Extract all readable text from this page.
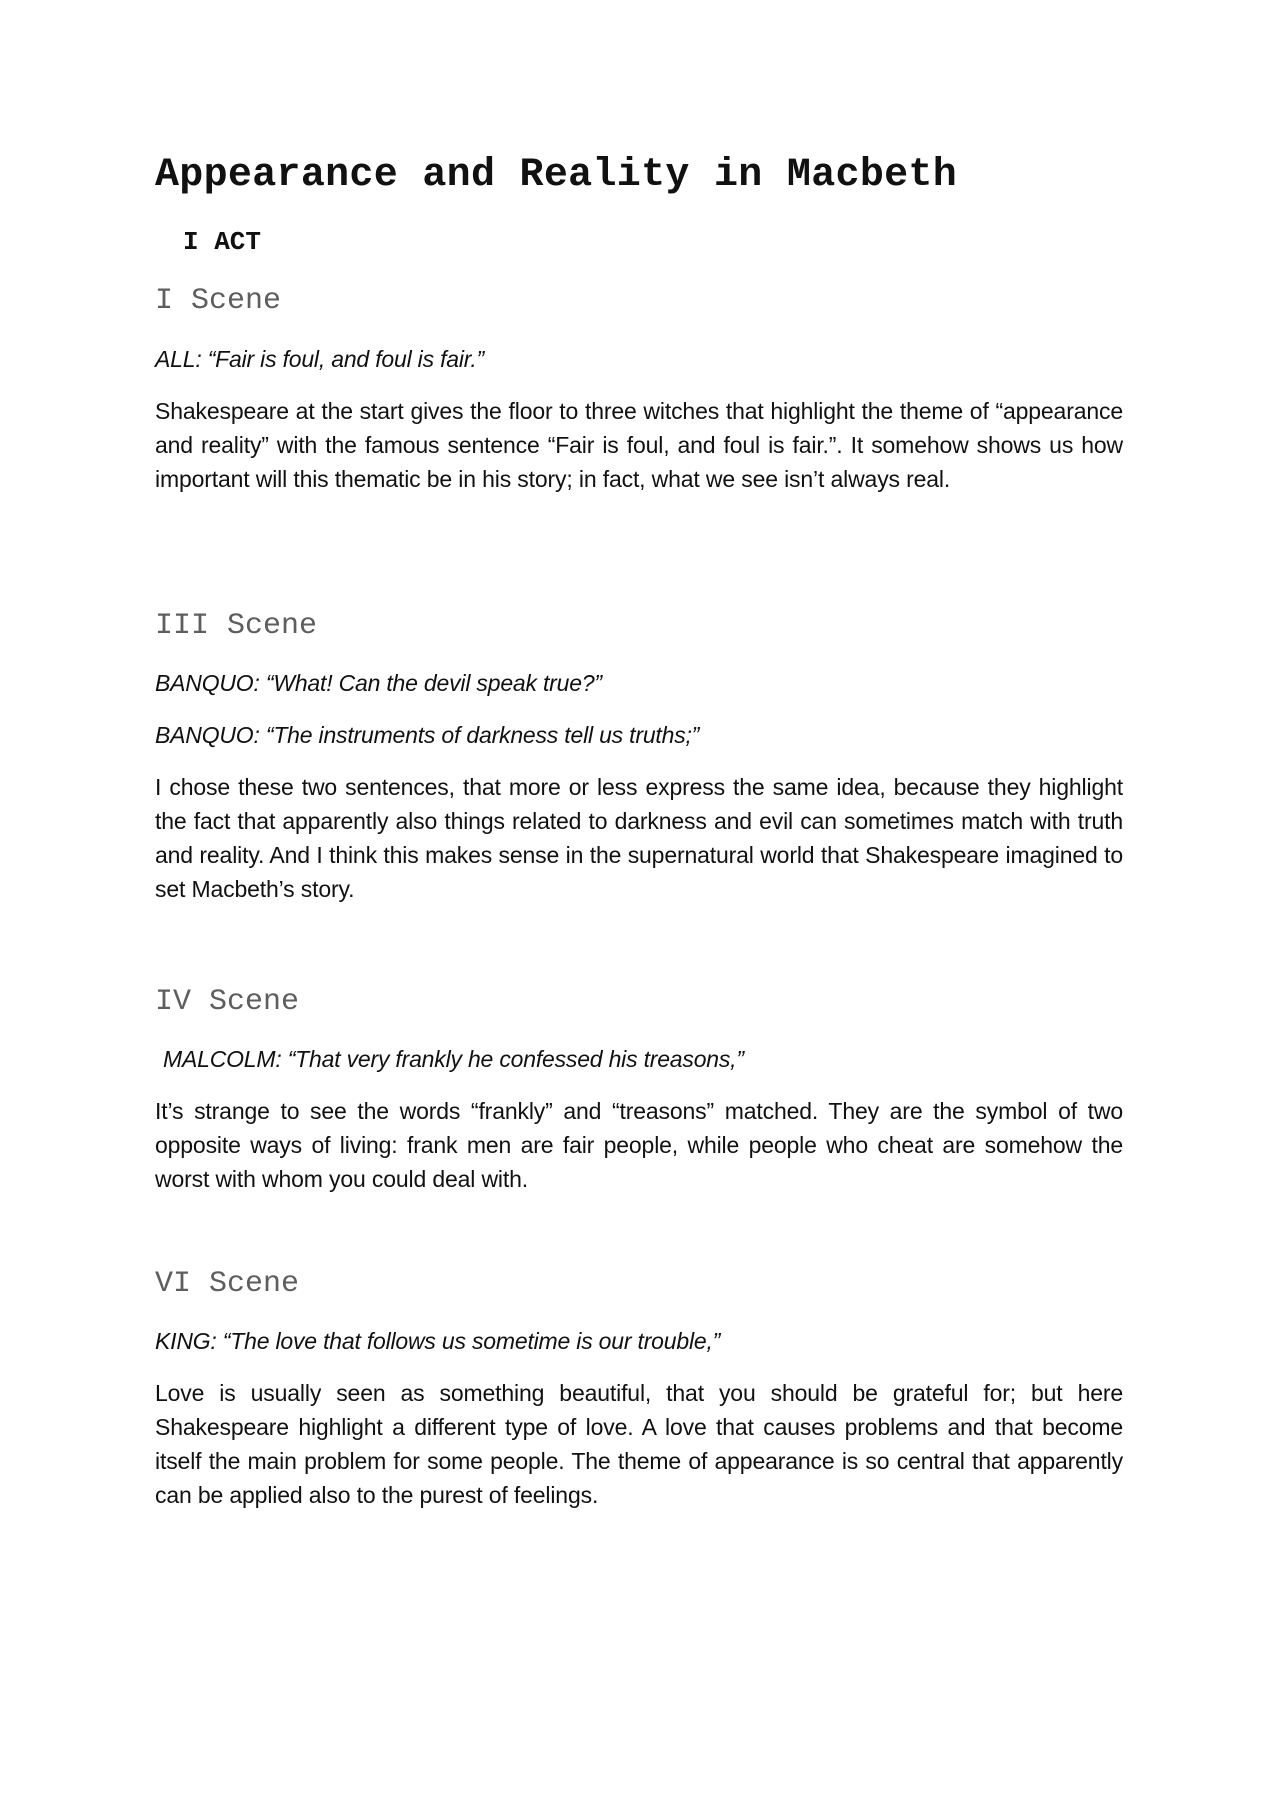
Appearance and Reality in Macbeth
I ACT
I Scene

ALL: “Fair is foul, and foul is fair.”

Shakespeare at the start gives the floor to three witches that highlight the theme of “appearance and reality” with the famous sentence “Fair is foul, and foul is fair.”. It somehow shows us how important will this thematic be in his story; in fact, what we see isn’t always real.

III Scene

BANQUO: “What! Can the devil speak true?”

BANQUO: “The instruments of darkness tell us truths;”

I chose these two sentences, that more or less express the same idea, because they highlight the fact that apparently also things related to darkness and evil can sometimes match with truth and reality. And I think this makes sense in the supernatural world that Shakespeare imagined to set Macbeth’s story.

IV Scene

MALCOLM: “That very frankly he confessed his treasons,”

It’s strange to see the words “frankly” and “treasons” matched. They are the symbol of two opposite ways of living: frank men are fair people, while people who cheat are somehow the worst with whom you could deal with.

VI Scene

KING: “The love that follows us sometime is our trouble,”

Love is usually seen as something beautiful, that you should be grateful for; but here Shakespeare highlight a different type of love. A love that causes problems and that become itself the main problem for some people. The theme of appearance is so central that apparently can be applied also to the purest of feelings.
